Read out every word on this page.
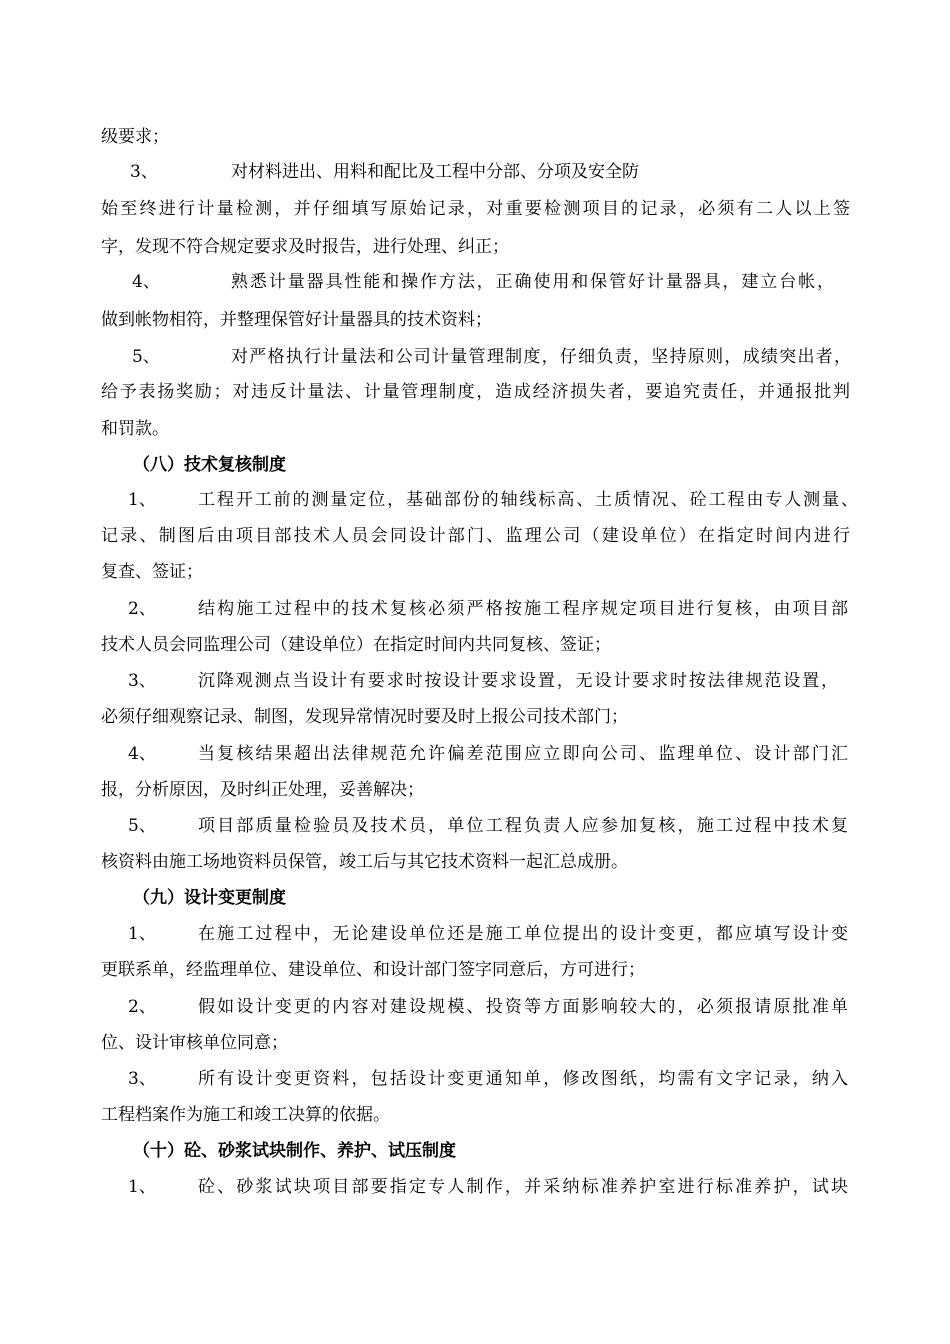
级要求；
3、	对材料进出、用料和配比及工程中分部、分项及安全防
始至终进行计量检测，并仔细填写原始记录，对重要检测项目的记录，必须有二人以上签
字，发现不符合规定要求及时报告，进行处理、纠正；
4、	熟悉计量器具性能和操作方法，正确使用和保管好计量器具，建立台帐，
做到帐物相符，并整理保管好计量器具的技术资料；
5、	对严格执行计量法和公司计量管理制度，仔细负责，坚持原则，成绩突出者，
给予表扬奖励；对违反计量法、计量管理制度，造成经济损失者，要追究责任，并通报批判
和罚款。
（八）技术复核制度
1、 工程开工前的测量定位，基础部份的轴线标高、土质情况、砼工程由专人测量、
记录、制图后由项目部技术人员会同设计部门、监理公司（建设单位）在指定时间内进行
复查、签证；
2、 结构施工过程中的技术复核必须严格按施工程序规定项目进行复核，由项目部
技术人员会同监理公司（建设单位）在指定时间内共同复核、签证；
3、 沉降观测点当设计有要求时按设计要求设置，无设计要求时按法律规范设置，
必须仔细观察记录、制图，发现异常情况时要及时上报公司技术部门；
4、 当复核结果超出法律规范允许偏差范围应立即向公司、监理单位、设计部门汇
报，分析原因，及时纠正处理，妥善解决；
5、 项目部质量检验员及技术员，单位工程负责人应参加复核，施工过程中技术复
核资料由施工场地资料员保管，竣工后与其它技术资料一起汇总成册。
（九）设计变更制度
1、 在施工过程中，无论建设单位还是施工单位提出的设计变更，都应填写设计变
更联系单，经监理单位、建设单位、和设计部门签字同意后，方可进行；
2、 假如设计变更的内容对建设规模、投资等方面影响较大的，必须报请原批准单
位、设计审核单位同意；
3、 所有设计变更资料，包括设计变更通知单，修改图纸，均需有文字记录，纳入
工程档案作为施工和竣工决算的依据。
（十）砼、砂浆试块制作、养护、试压制度
1、 砼、砂浆试块项目部要指定专人制作，并采纳标准养护室进行标准养护，试块
